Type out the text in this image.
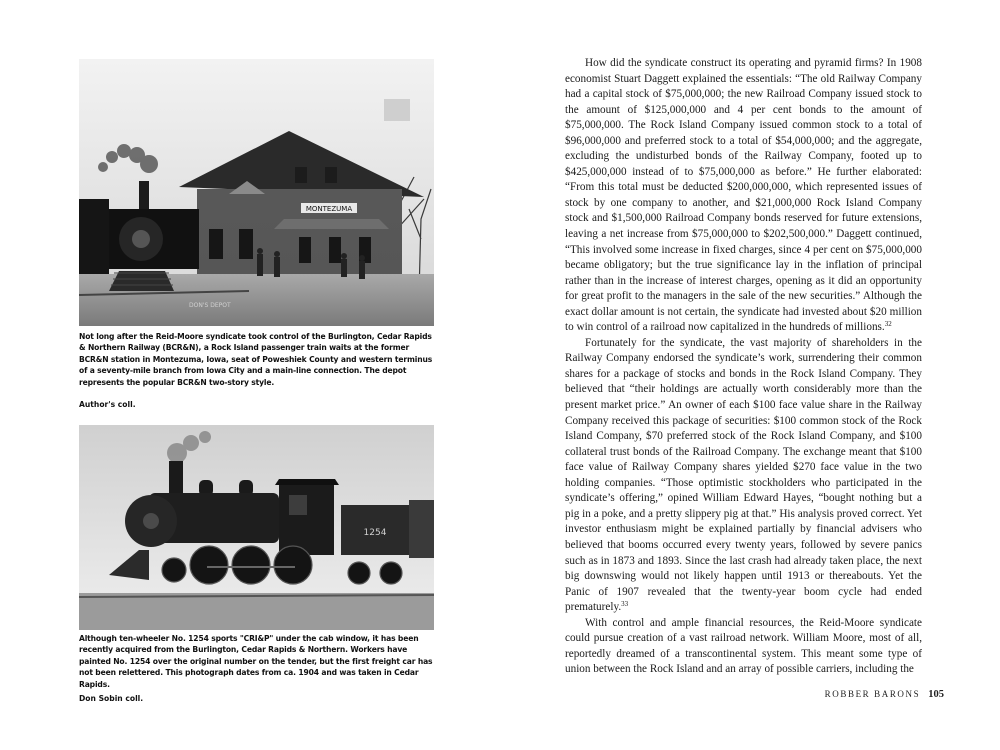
MONTEZUMA
DON'S DEPOT
Not long after the Reid-Moore syndicate took control of the Burlington, Cedar Rapids & Northern Railway (BCR&N), a Rock Island passenger train waits at the former BCR&N station in Montezuma, Iowa, seat of Poweshiek County and western terminus of a seventy-mile branch from Iowa City and a main-line connection. The depot represents the popular BCR&N two-story style.
Author's coll.
1254
Although ten-wheeler No. 1254 sports "CRI&P" under the cab window, it has been recently acquired from the Burlington, Cedar Rapids & Northern. Workers have painted No. 1254 over the original number on the tender, but the first freight car has not been relettered. This photograph dates from ca. 1904 and was taken in Cedar Rapids.
Don Sobin coll.

How did the syndicate construct its operating and pyramid firms? In 1908 economist Stuart Daggett explained the essentials: “The old Railway Company had a capital stock of $75,000,000; the new Railroad Company issued stock to the amount of $125,000,000 and 4 per cent bonds to the amount of $75,000,000. The Rock Island Company issued common stock to a total of $96,000,000 and preferred stock to a total of $54,000,000; and the aggregate, excluding the undisturbed bonds of the Railway Company, footed up to $425,000,000 instead of to $75,000,000 as before.” He further elaborated: “From this total must be deducted $200,000,000, which represented issues of stock by one company to another, and $21,000,000 Rock Island Company stock and $1,500,000 Railroad Company bonds reserved for future extensions, leaving a net increase from $75,000,000 to $202,500,000.” Daggett continued, “This involved some increase in fixed charges, since 4 per cent on $75,000,000 became obligatory; but the true significance lay in the inflation of principal rather than in the increase of interest charges, opening as it did an opportunity for great profit to the managers in the sale of the new securities.” Although the exact dollar amount is not certain, the syndicate had invested about $20 million to win control of a railroad now capitalized in the hundreds of millions.$^{32}$

Fortunately for the syndicate, the vast majority of shareholders in the Railway Company endorsed the syndicate’s work, surrendering their common shares for a package of stocks and bonds in the Rock Island Company. They believed that “their holdings are actually worth considerably more than the present market price.” An owner of each $100 face value share in the Railway Company received this package of securities: $100 common stock of the Rock Island Company, $70 preferred stock of the Rock Island Company, and $100 collateral trust bonds of the Railroad Company. The exchange meant that $100 face value of Railway Company shares yielded $270 face value in the two holding companies. “Those optimistic stockholders who participated in the syndicate’s offering,” opined William Edward Hayes, “bought nothing but a pig in a poke, and a pretty slippery pig at that.” His analysis proved correct. Yet investor enthusiasm might be explained partially by financial advisers who believed that booms occurred every twenty years, followed by severe panics such as in 1873 and 1893. Since the last crash had already taken place, the next big downswing would not likely happen until 1913 or thereabouts. Yet the Panic of 1907 revealed that the twenty-year boom cycle had ended prematurely.$^{33}$

With control and ample financial resources, the Reid-Moore syndicate could pursue creation of a vast railroad network. William Moore, most of all, reportedly dreamed of a transcontinental system. This meant some type of union between the Rock Island and an array of possible carriers, including the

ROBBER BARONS 105
